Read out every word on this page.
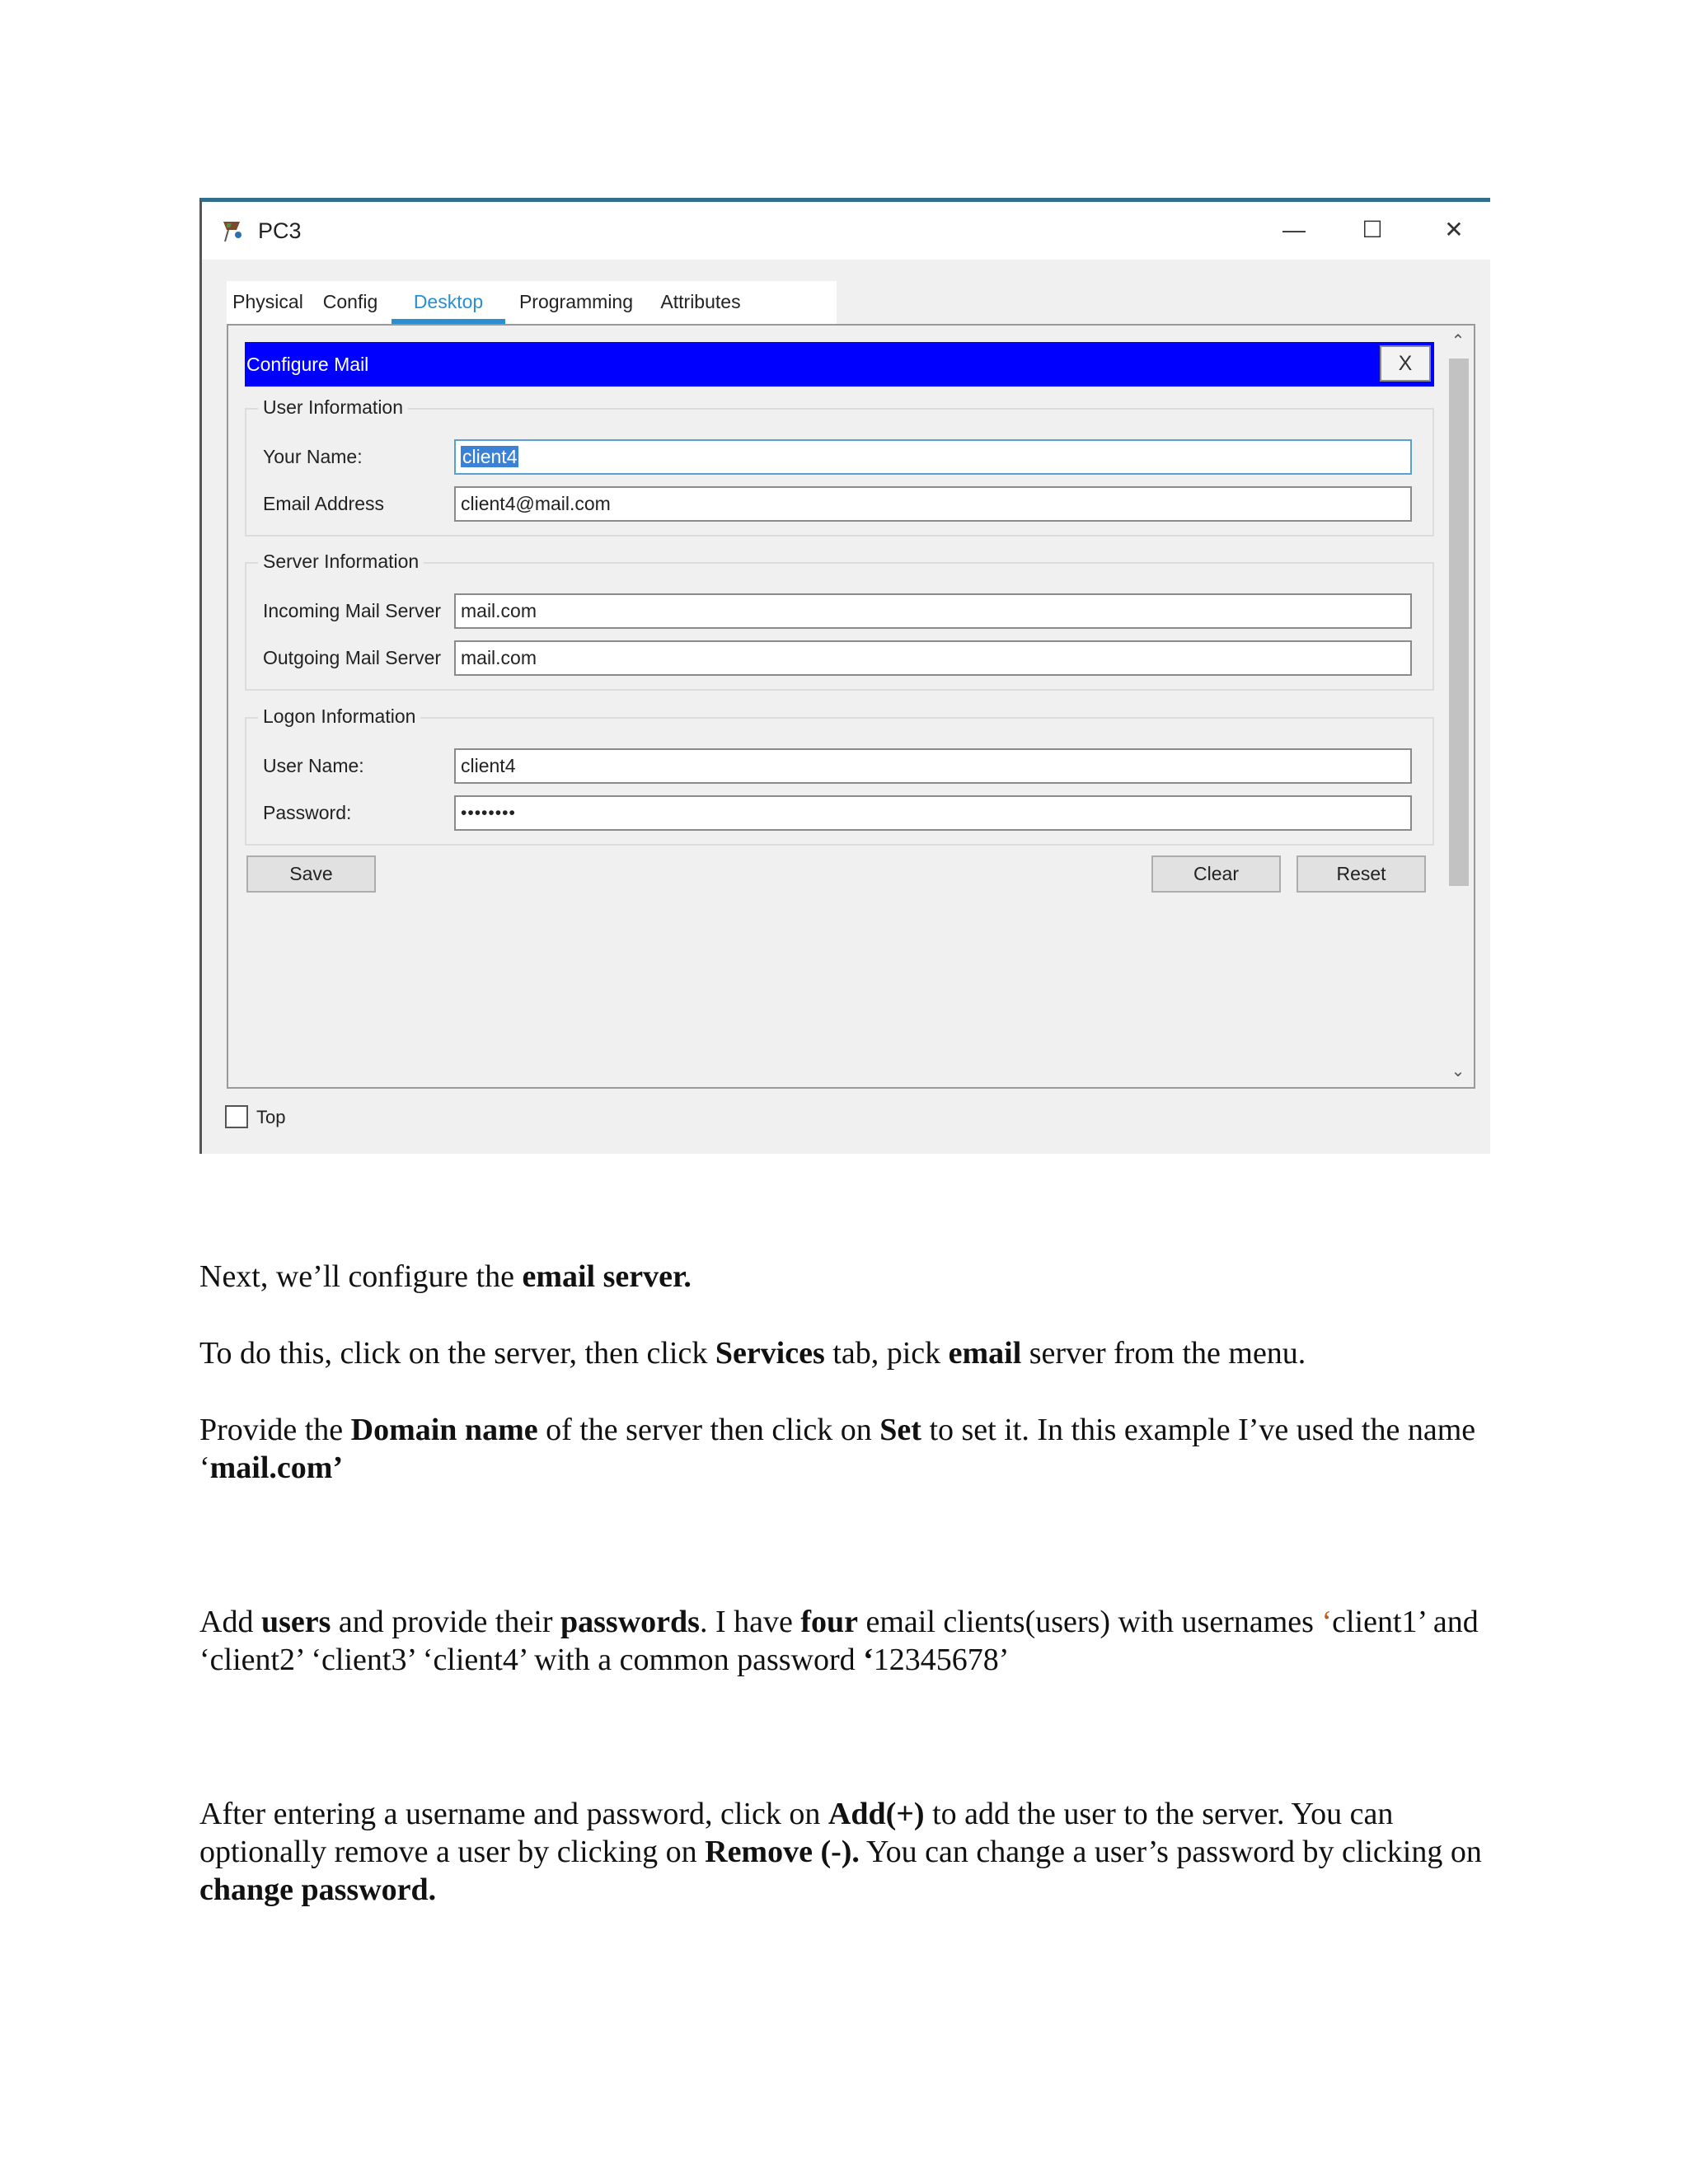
PC3	—	☐	✕
Physical	Config	Desktop	Programming	Attributes
⌃
⌄
Configure Mail	X
User Information
Your Name:	client4
Email Address	client4@mail.com
Server Information
Incoming Mail Server	mail.com
Outgoing Mail Server	mail.com
Logon Information
User Name:	client4
Password:	••••••••
Save	Clear	Reset
Top

Next, we’ll configure the email server.

To do this, click on the server, then click Services tab, pick email server from the menu.

Provide the Domain name of the server then click on Set to set it. In this example I’ve used the name ‘mail.com’

Add users and provide their passwords. I have four email clients(users) with usernames ‘client1’ and ‘client2’ ‘client3’ ‘client4’ with a common password ‘12345678’

After entering a username and password, click on Add(+) to add the user to the server. You can optionally remove a user by clicking on Remove (-). You can change a user’s password by clicking on change password.
